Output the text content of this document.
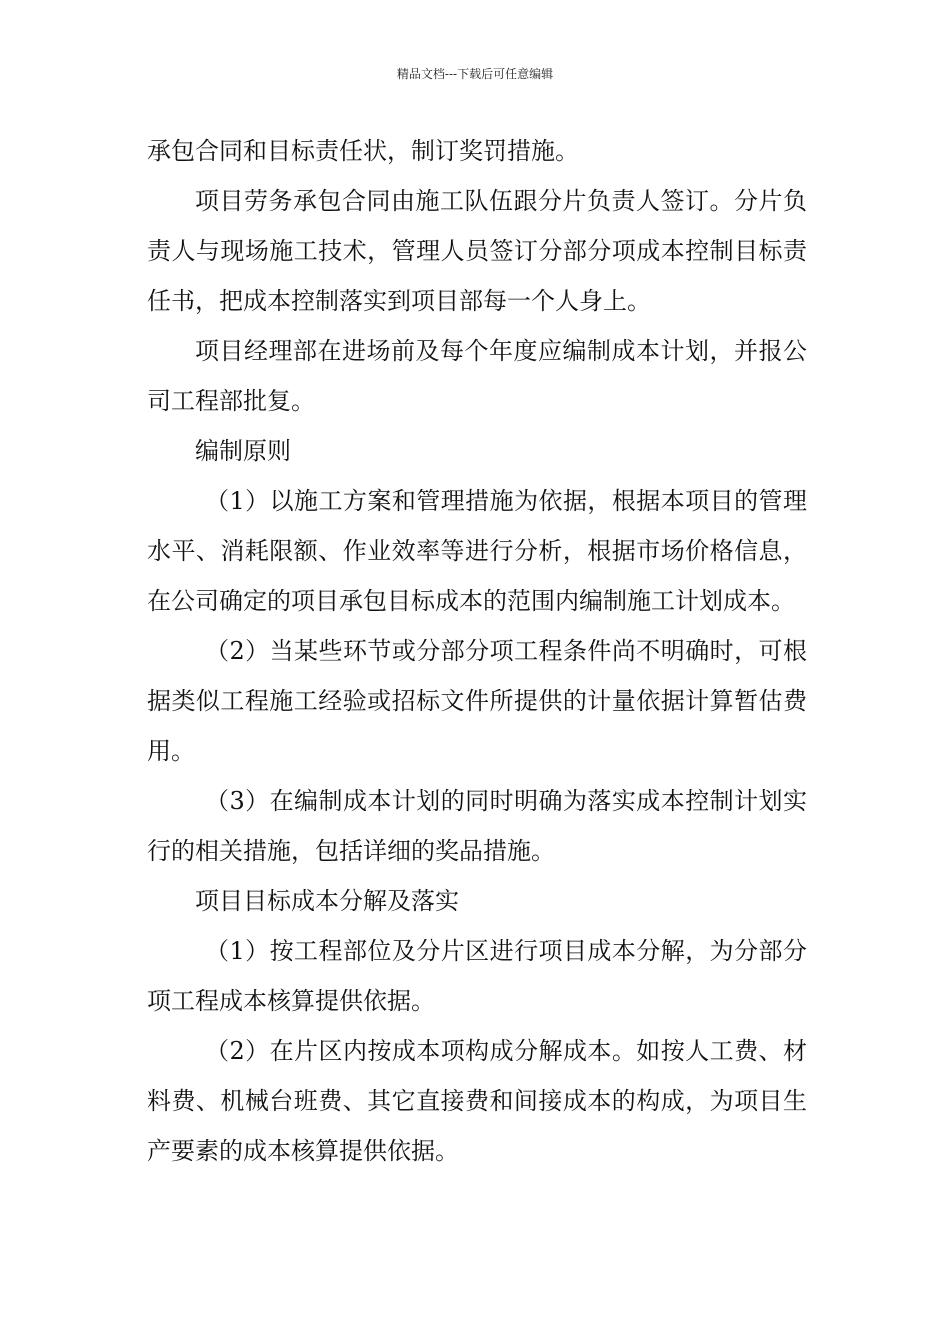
精品文档---下载后可任意编辑

承包合同和目标责任状，制订奖罚措施。

项目劳务承包合同由施工队伍跟分片负责人签订。分片负责人与现场施工技术，管理人员签订分部分项成本控制目标责任书，把成本控制落实到项目部每一个人身上。

项目经理部在进场前及每个年度应编制成本计划，并报公司工程部批复。

编制原则

（1）以施工方案和管理措施为依据，根据本项目的管理水平、消耗限额、作业效率等进行分析，根据市场价格信息，在公司确定的项目承包目标成本的范围内编制施工计划成本。

（2）当某些环节或分部分项工程条件尚不明确时，可根据类似工程施工经验或招标文件所提供的计量依据计算暂估费用。

（3）在编制成本计划的同时明确为落实成本控制计划实行的相关措施，包括详细的奖品措施。

项目目标成本分解及落实

（1）按工程部位及分片区进行项目成本分解，为分部分项工程成本核算提供依据。

（2）在片区内按成本项构成分解成本。如按人工费、材料费、机械台班费、其它直接费和间接成本的构成，为项目生产要素的成本核算提供依据。
